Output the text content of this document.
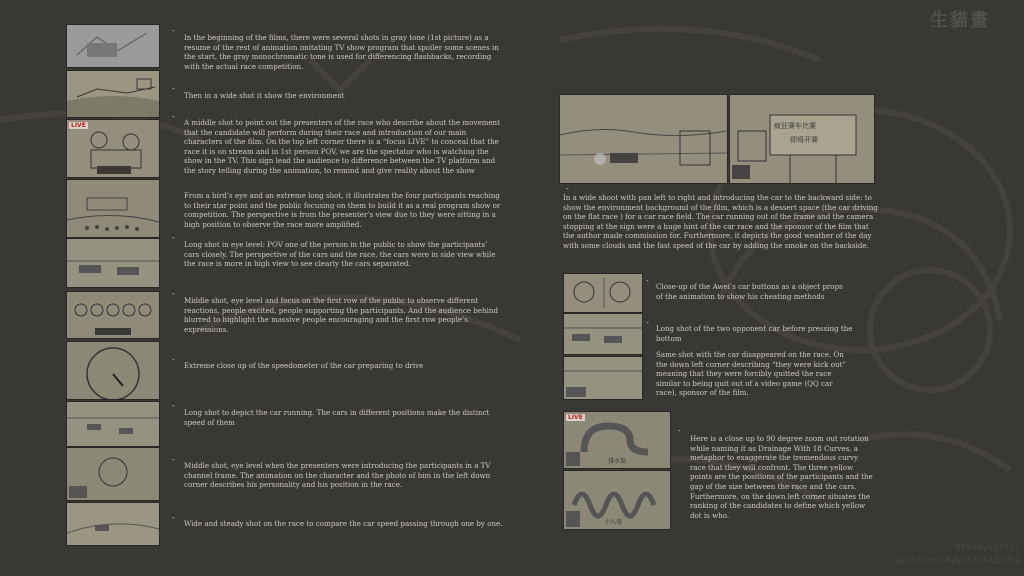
生貓畫
LIVE
-
In the beginning of the films, there were several shots in gray tone (1st picture) as a resume of the rest of animation imitating TV show program that spoiler some scenes in the start, the gray monochromatic tone is used for differencing flashbacks, recording with the actual race competition.
-
Then in a wide shot it show the environment
-
A middle shot to point out the presenters of the race who describe about the movement that the candidate will perform during their race and introduction of our main characters of the film. On the top left corner there is a “focus LIVE” to conceal that the race it is on stream and in 1st person POV, we are the spectator who is watching the show in the TV. This sign lead the audience to difference between the TV platform and the story telling during the animation, to remind and give reality about the show
From a bird’s eye and an extreme long shot, it illustrates the four participants reaching to their star point and the public focusing on them to build it as a real program show or competition. The perspective is from the presenter’s view due to they were sitting in a high position to observe the race more amplified.
-
Long shot in eye level: POV one of the person in the public to show the participants’ cars closely. The perspective of the cars and the race, the cars were in side view while the race is more in high view to see clearly the cars separated.
-
Middle shot, eye level and focus on the first row of the public to observe different reactions, people excited, people supporting the participants. And the audience behind blurred to highlight the massive people encouraging and the first row people’s expressions.
-
Extreme close up of the speedometer of the car preparing to drive
-
Long shot to depict the car running. The cars in different positions make the distinct speed of them
-
Middle shot, eye level when the presenters were introducing the participants in a TV channel frame. The animation on the character and the photo of him in the left down corner describes his personality and his position in the race.
-
Wide and steady shot on the race to compare the car speed passing through one by one.
疯狂赛车比赛
即将开赛
-
In a wide shoot with pan left to right and introducing the car to the backward side: to show the environment background of the film, which is a dessert space (the car driving on the flat race ) for a car race field. The car running out of the frame and the camera stopping at the sign were a huge hint of the car race and the sponsor of the film that the author made commission for. Furthermore, it depicts the good weather of the day with some clouds and the fast speed of the car by adding the smoke on the backside.
-
Close-up of the Awei’s car buttons as a object props of the animation to show his cheating methods
-
Long shot of the two opponent car before pressing the bottom
Same shot with the car disappeared on the race. On the down left corner describing “they were kick out” meaning that they were forcibly quitted the race similar to being quit out of a video game (QQ car race), sponsor of the film.
LIVE
排水渠
十八弯
-
Here is a close up to 90 degree zoom out rotation while naming it as Drainage With 18 Curves, a metaphor to exaggerate the tremendous curvy race that they will confront. The three yellow points are the positions of the participants and the gap of the size between the race and the cars. Furthermore, on the down left corner situates the ranking of the candidates to define which yellow dot is who.
0YAV4y9d7Xc7
ab0b9dec64ab0420e43b06a
